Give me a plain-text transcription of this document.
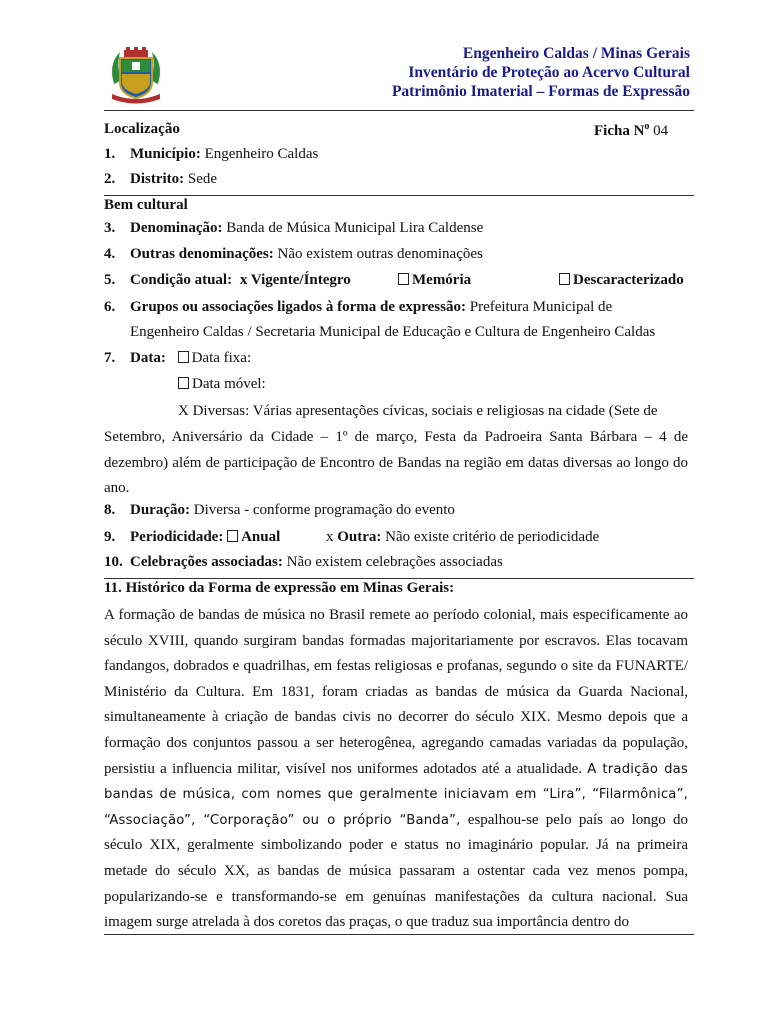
Engenheiro Caldas / Minas Gerais
Inventário de Proteção ao Acervo Cultural
Patrimônio Imaterial – Formas de Expressão
Localização	Ficha $N^o$ 04
1. Município: Engenheiro Caldas
2. Distrito: Sede
Bem cultural
3. Denominação: Banda de Música Municipal Lira Caldense
4. Outras denominações: Não existem outras denominações
5. Condição atual: x Vigente/Íntegro	Memória	Descaracterizado
6. Grupos ou associações ligados à forma de expressão: Prefeitura Municipal de
Engenheiro Caldas / Secretaria Municipal de Educação e Cultura de Engenheiro Caldas
7. Data: Data fixa:
Data móvel:
X Diversas: Várias apresentações cívicas, sociais e religiosas na cidade (Sete de
Setembro, Aniversário da Cidade – 1º de março, Festa da Padroeira Santa Bárbara – 4 de dezembro) além de participação de Encontro de Bandas na região em datas diversas ao longo do ano.
8. Duração: Diversa - conforme programação do evento
9. Periodicidade: Anual	x Outra: Não existe critério de periodicidade
10. Celebrações associadas: Não existem celebrações associadas
11. Histórico da Forma de expressão em Minas Gerais:
A formação de bandas de música no Brasil remete ao período colonial, mais especificamente ao século XVIII, quando surgiram bandas formadas majoritariamente por escravos. Elas tocavam fandangos, dobrados e quadrilhas, em festas religiosas e profanas, segundo o site da FUNARTE/ Ministério da Cultura. Em 1831, foram criadas as bandas de música da Guarda Nacional, simultaneamente à criação de bandas civis no decorrer do século XIX. Mesmo depois que a formação dos conjuntos passou a ser heterogênea, agregando camadas variadas da população, persistiu a influencia militar, visível nos uniformes adotados até a atualidade. A tradição das bandas de música, com nomes que geralmente iniciavam em “Lira”, “Filarmônica”, “Associação”, “Corporação” ou o próprio “Banda”, espalhou-se pelo país ao longo do século XIX, geralmente simbolizando poder e status no imaginário popular. Já na primeira metade do século XX, as bandas de música passaram a ostentar cada vez menos pompa, popularizando-se e transformando-se em genuínas manifestações da cultura nacional. Sua imagem surge atrelada à dos coretos das praças, o que traduz sua importância dentro do
